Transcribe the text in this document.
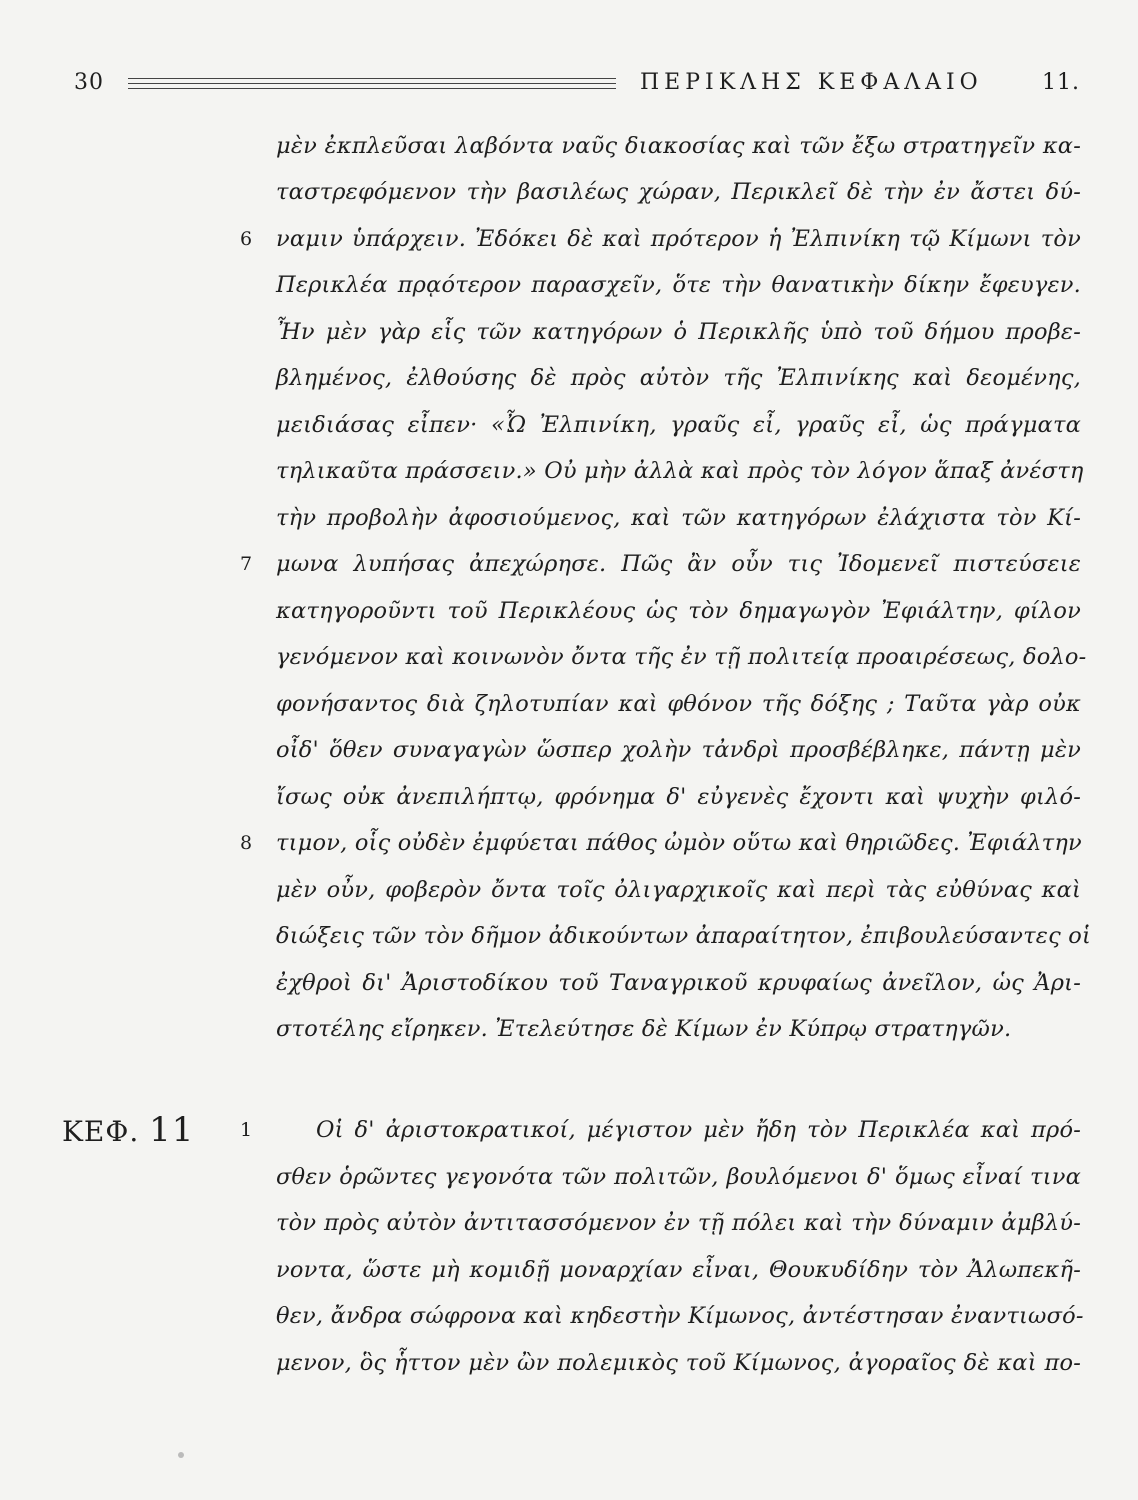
30	ΠΕΡΙΚΛΗΣ ΚΕΦΑΛΑΙΟ	11.
μὲν ἐκπλεῦσαι λαβόντα ναῦς διακοσίας καὶ τῶν ἔξω στρατηγεῖν κα-
ταστρεφόμενον τὴν βασιλέως χώραν, Περικλεῖ δὲ τὴν ἐν ἄστει δύ-
ναμιν ὑπάρχειν. Ἐδόκει δὲ καὶ πρότερον ἡ Ἐλπινίκη τῷ Κίμωνι τὸν
Περικλέα πρᾳότερον παρασχεῖν, ὅτε τὴν θανατικὴν δίκην ἔφευγεν.
Ἦν μὲν γὰρ εἷς τῶν κατηγόρων ὁ Περικλῆς ὑπὸ τοῦ δήμου προβε-
βλημένος, ἐλθούσης δὲ πρὸς αὐτὸν τῆς Ἐλπινίκης καὶ δεομένης,
μειδιάσας εἶπεν· «Ὦ Ἐλπινίκη, γραῦς εἶ, γραῦς εἶ, ὡς πράγματα
τηλικαῦτα πράσσειν.» Οὐ μὴν ἀλλὰ καὶ πρὸς τὸν λόγον ἅπαξ ἀνέστη
τὴν προβολὴν ἀφοσιούμενος, καὶ τῶν κατηγόρων ἐλάχιστα τὸν Κί-
μωνα λυπήσας ἀπεχώρησε. Πῶς ἂν οὖν τις Ἰδομενεῖ πιστεύσειε
κατηγοροῦντι τοῦ Περικλέους ὡς τὸν δημαγωγὸν Ἐφιάλτην, φίλον
γενόμενον καὶ κοινωνὸν ὄντα τῆς ἐν τῇ πολιτείᾳ προαιρέσεως, δολο-
φονήσαντος διὰ ζηλοτυπίαν καὶ φθόνον τῆς δόξης ; Ταῦτα γὰρ οὐκ
οἶδ' ὅθεν συναγαγὼν ὥσπερ χολὴν τἀνδρὶ προσβέβληκε, πάντῃ μὲν
ἴσως οὐκ ἀνεπιλήπτῳ, φρόνημα δ' εὐγενὲς ἔχοντι καὶ ψυχὴν φιλό-
τιμον, οἷς οὐδὲν ἐμφύεται πάθος ὠμὸν οὕτω καὶ θηριῶδες. Ἐφιάλτην
μὲν οὖν, φοβερὸν ὄντα τοῖς ὀλιγαρχικοῖς καὶ περὶ τὰς εὐθύνας καὶ
διώξεις τῶν τὸν δῆμον ἀδικούντων ἀπαραίτητον, ἐπιβουλεύσαντες οἱ
ἐχθροὶ δι' Ἀριστοδίκου τοῦ Ταναγρικοῦ κρυφαίως ἀνεῖλον, ὡς Ἀρι-
στοτέλης εἴρηκεν. Ἐτελεύτησε δὲ Κίμων ἐν Κύπρῳ στρατηγῶν.
Οἱ δ' ἀριστοκρατικοί, μέγιστον μὲν ἤδη τὸν Περικλέα καὶ πρό-
σθεν ὁρῶντες γεγονότα τῶν πολιτῶν, βουλόμενοι δ' ὅμως εἶναί τινα
τὸν πρὸς αὐτὸν ἀντιτασσόμενον ἐν τῇ πόλει καὶ τὴν δύναμιν ἀμβλύ-
νοντα, ὥστε μὴ κομιδῇ μοναρχίαν εἶναι, Θουκυδίδην τὸν Ἀλωπεκῆ-
θεν, ἄνδρα σώφρονα καὶ κηδεστὴν Κίμωνος, ἀντέστησαν ἐναντιωσό-
μενον, ὃς ἧττον μὲν ὢν πολεμικὸς τοῦ Κίμωνος, ἀγοραῖος δὲ καὶ πο-
6
7
8
ΚΕΦ. 11 1
